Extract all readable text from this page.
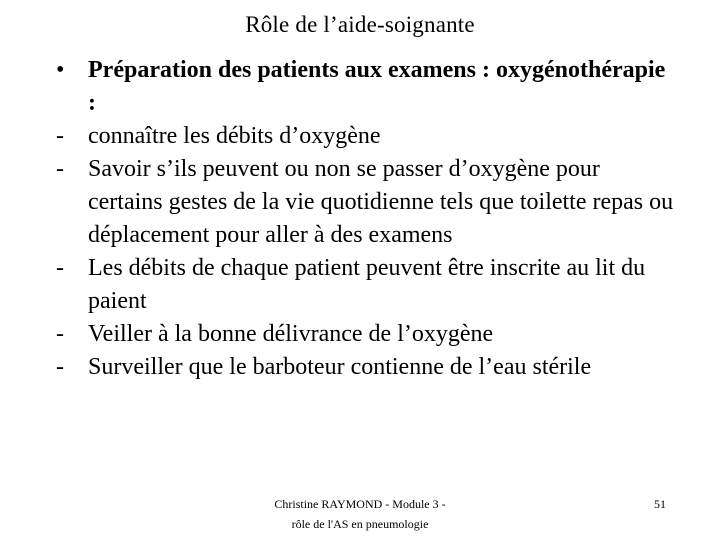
Rôle de l’aide-soignante
• Préparation des patients aux examens : oxygénothérapie :
-	connaître les débits d’oxygène
-	Savoir s’ils peuvent ou non se passer d’oxygène pour certains gestes de la vie quotidienne tels que toilette repas ou déplacement pour aller à des examens
-	Les débits de chaque patient peuvent être inscrite au lit du paient
-	Veiller à la bonne délivrance de l’oxygène
-	Surveiller que le barboteur contienne de l’eau stérile
Christine RAYMOND - Module 3 -
rôle de l'AS en pneumologie
51
